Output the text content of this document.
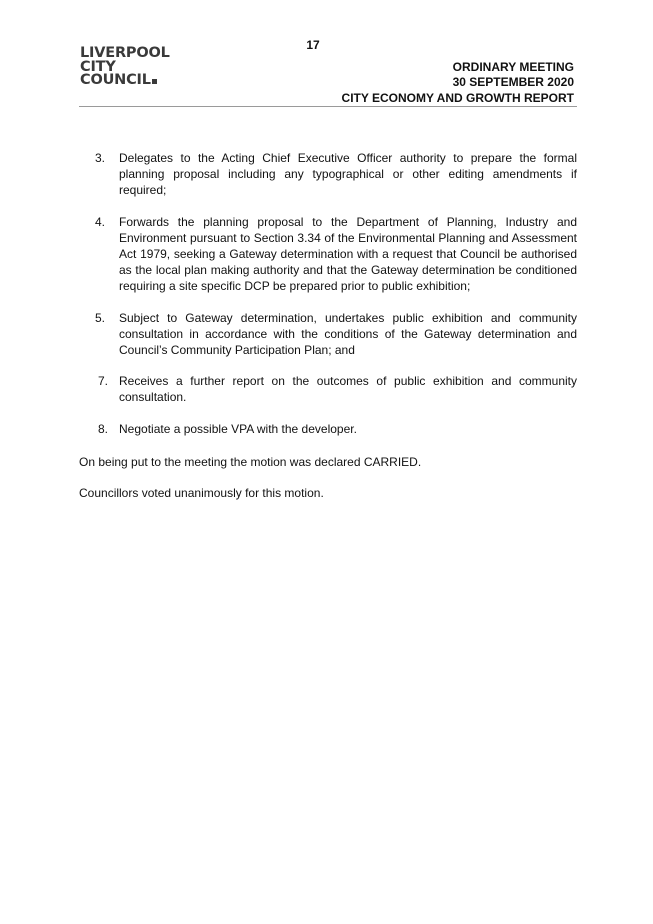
17
LIVERPOOL
CITY
COUNCIL
ORDINARY MEETING
30 SEPTEMBER 2020
CITY ECONOMY AND GROWTH REPORT
3. Delegates to the Acting Chief Executive Officer authority to prepare the formal planning proposal including any typographical or other editing amendments if required;
4. Forwards the planning proposal to the Department of Planning, Industry and Environment pursuant to Section 3.34 of the Environmental Planning and Assessment Act 1979, seeking a Gateway determination with a request that Council be authorised as the local plan making authority and that the Gateway determination be conditioned requiring a site specific DCP be prepared prior to public exhibition;
5. Subject to Gateway determination, undertakes public exhibition and community consultation in accordance with the conditions of the Gateway determination and Council’s Community Participation Plan; and
7. Receives a further report on the outcomes of public exhibition and community consultation.
8. Negotiate a possible VPA with the developer.

On being put to the meeting the motion was declared CARRIED.

Councillors voted unanimously for this motion.
